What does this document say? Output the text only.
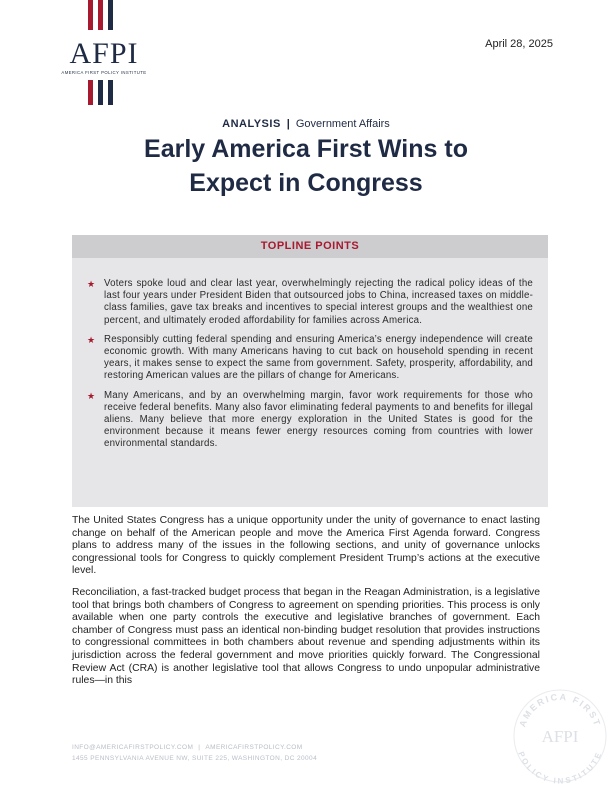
AFPI
AMERICA FIRST POLICY INSTITUTE
April 28, 2025
ANALYSIS | Government Affairs
Early America First Wins to
Expect in Congress
TOPLINE POINTS
★ Voters spoke loud and clear last year, overwhelmingly rejecting the radical policy ideas of the last four years under President Biden that outsourced jobs to China, increased taxes on middle-class families, gave tax breaks and incentives to special interest groups and the wealthiest one percent, and ultimately eroded affordability for families across America.
★ Responsibly cutting federal spending and ensuring America’s energy independence will create economic growth. With many Americans having to cut back on household spending in recent years, it makes sense to expect the same from government. Safety, prosperity, affordability, and restoring American values are the pillars of change for Americans.
★ Many Americans, and by an overwhelming margin, favor work requirements for those who receive federal benefits. Many also favor eliminating federal payments to and benefits for illegal aliens. Many believe that more energy exploration in the United States is good for the environment because it means fewer energy resources coming from countries with lower environmental standards.

The United States Congress has a unique opportunity under the unity of governance to enact lasting change on behalf of the American people and move the America First Agenda forward. Congress plans to address many of the issues in the following sections, and unity of governance unlocks congressional tools for Congress to quickly complement President Trump’s actions at the executive level.

Reconciliation, a fast-tracked budget process that began in the Reagan Administration, is a legislative tool that brings both chambers of Congress to agreement on spending priorities. This process is only available when one party controls the executive and legislative branches of government. Each chamber of Congress must pass an identical non-binding budget resolution that provides instructions to congressional committees in both chambers about revenue and spending adjustments within its jurisdiction across the federal government and move priorities quickly forward. The Congressional Review Act (CRA) is another legislative tool that allows Congress to undo unpopular administrative rules—in this

INFO@AMERICAFIRSTPOLICY.COM | AMERICAFIRSTPOLICY.COM
1455 PENNSYLVANIA AVENUE NW, SUITE 225, WASHINGTON, DC 20004
AMERICA FIRST
AFPI
POLICY INSTITUTE
